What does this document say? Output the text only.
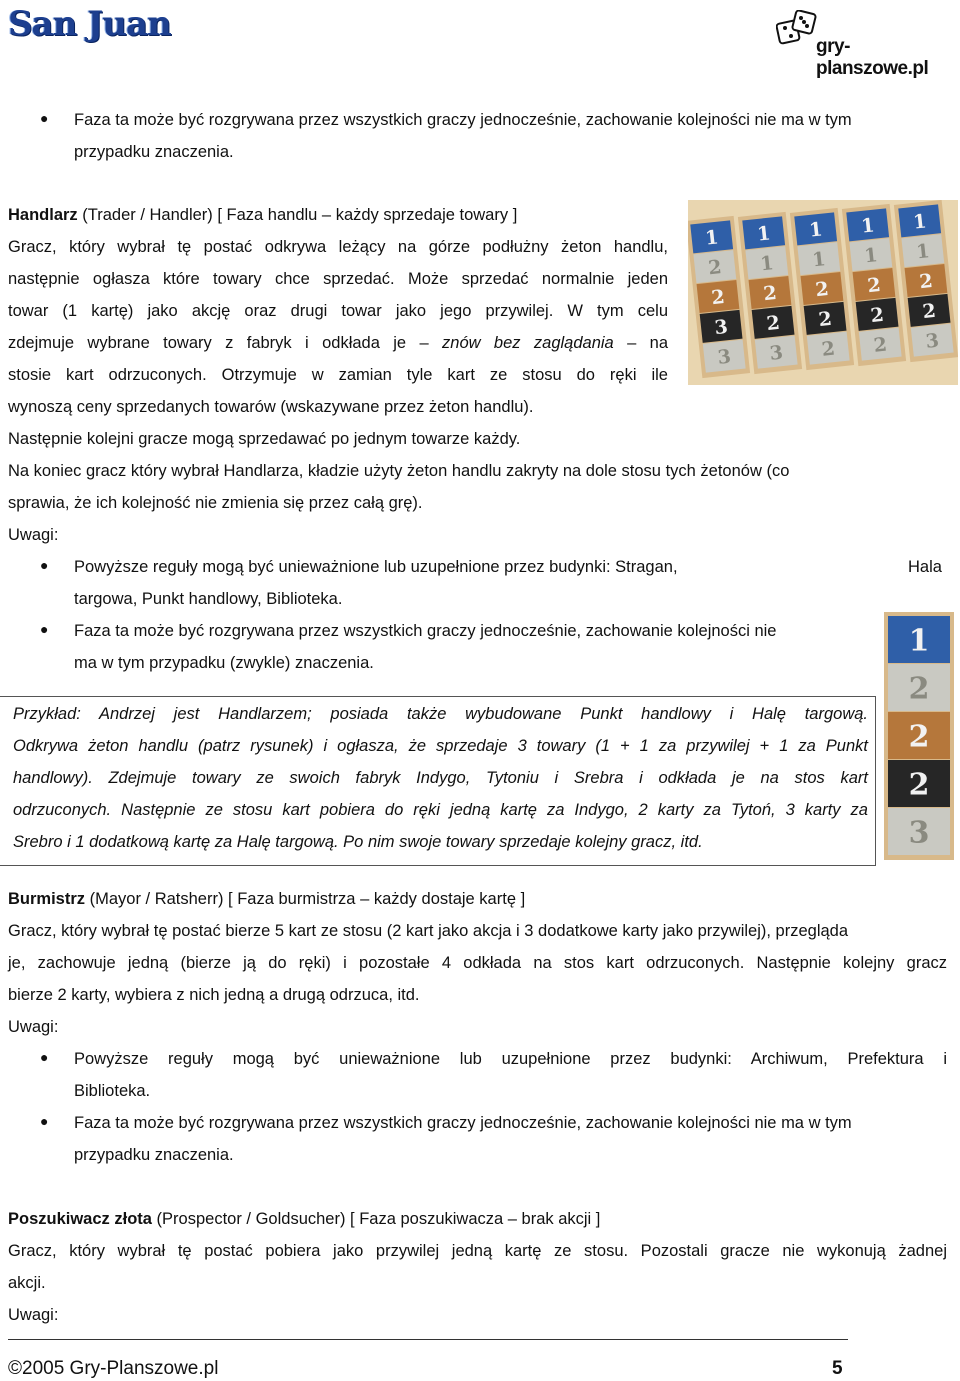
San Juan
gry-planszowe.pl
● Faza ta może być rozgrywana przez wszystkich graczy jednocześnie, zachowanie kolejności nie ma w tym
przypadku znaczenia.
Handlarz (Trader / Handler) [ Faza handlu – każdy sprzedaje towary ]
Gracz, który wybrał tę postać odkrywa leżący na górze podłużny żeton handlu,
następnie ogłasza które towary chce sprzedać. Może sprzedać normalnie jeden
towar (1 kartę) jako akcję oraz drugi towar jako jego przywilej. W tym celu
zdejmuje wybrane towary z fabryk i odkłada je – znów bez zaglądania – na
stosie kart odrzuconych. Otrzymuje w zamian tyle kart ze stosu do ręki ile
wynoszą ceny sprzedanych towarów (wskazywane przez żeton handlu).
Następnie kolejni gracze mogą sprzedawać po jednym towarze każdy.
Na koniec gracz który wybrał Handlarza, kładzie użyty żeton handlu zakryty na dole stosu tych żetonów (co
sprawia, że ich kolejność nie zmienia się przez całą grę).
Uwagi:
● Powyższe reguły mogą być unieważnione lub uzupełnione przez budynki: Stragan,	Hala
targowa, Punkt handlowy, Biblioteka.
● Faza ta może być rozgrywana przez wszystkich graczy jednocześnie, zachowanie kolejności nie
ma w tym przypadku (zwykle) znaczenia.
Przykład: Andrzej jest Handlarzem; posiada także wybudowane Punkt handlowy i Halę targową.
Odkrywa żeton handlu (patrz rysunek) i ogłasza, że sprzedaje 3 towary (1 + 1 za przywilej + 1 za Punkt
handlowy). Zdejmuje towary ze swoich fabryk Indygo, Tytoniu i Srebra i odkłada je na stos kart
odrzuconych. Następnie ze stosu kart pobiera do ręki jedną kartę za Indygo, 2 karty za Tytoń, 3 karty za
Srebro i 1 dodatkową kartę za Halę targową. Po nim swoje towary sprzedaje kolejny gracz, itd.
1
2
2
3
3
1
1
2
2
3
1
1
2
2
2
1
1
2
2
2
1
1
2
2
3
1
2
2
2
3
Burmistrz (Mayor / Ratsherr) [ Faza burmistrza – każdy dostaje kartę ]
Gracz, który wybrał tę postać bierze 5 kart ze stosu (2 kart jako akcja i 3 dodatkowe karty jako przywilej), przegląda
je, zachowuje jedną (bierze ją do ręki) i pozostałe 4 odkłada na stos kart odrzuconych. Następnie kolejny gracz
bierze 2 karty, wybiera z nich jedną a drugą odrzuca, itd.
Uwagi:
● Powyższe reguły mogą być unieważnione lub uzupełnione przez budynki: Archiwum, Prefektura i
Biblioteka.
● Faza ta może być rozgrywana przez wszystkich graczy jednocześnie, zachowanie kolejności nie ma w tym
przypadku znaczenia.
Poszukiwacz złota (Prospector / Goldsucher) [ Faza poszukiwacza – brak akcji ]
Gracz, który wybrał tę postać pobiera jako przywilej jedną kartę ze stosu. Pozostali gracze nie wykonują żadnej
akcji.
Uwagi:
©2005 Gry-Planszowe.pl	5
